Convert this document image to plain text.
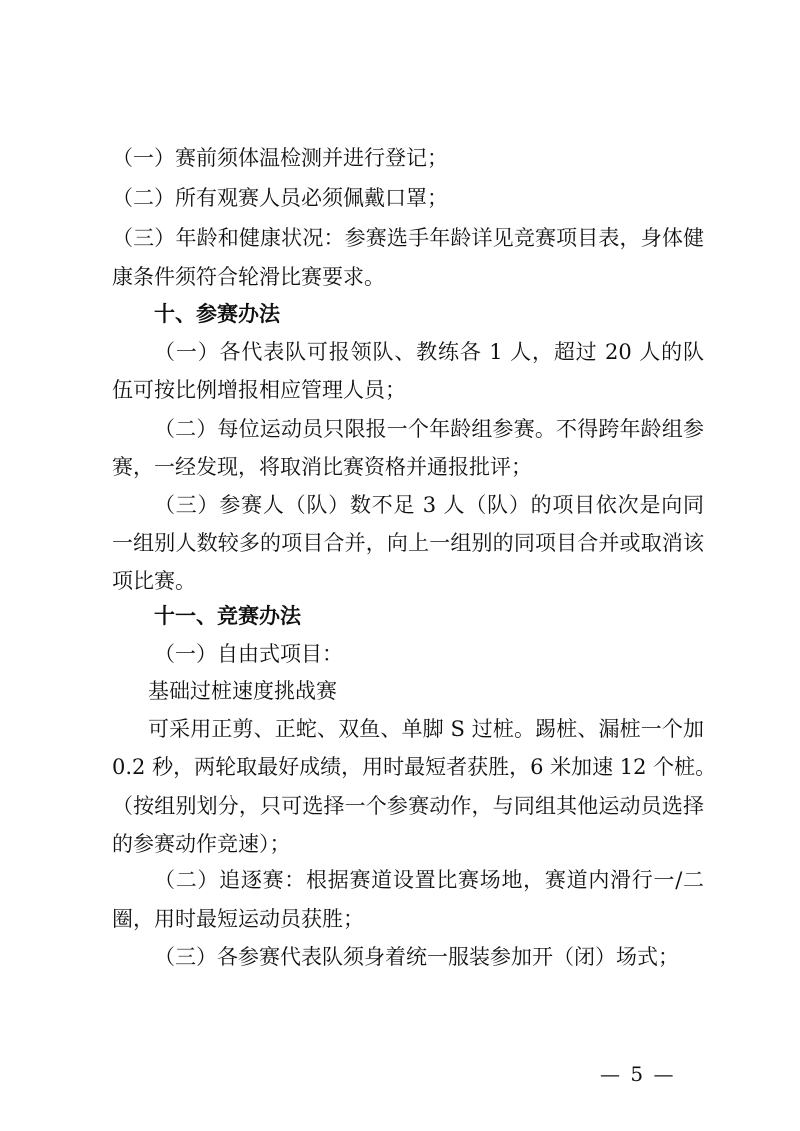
（一）赛前须体温检测并进行登记；
（二）所有观赛人员必须佩戴口罩；
（三）年龄和健康状况：参赛选手年龄详见竞赛项目表，身体健
康条件须符合轮滑比赛要求。
十、参赛办法
（一）各代表队可报领队、教练各 1 人，超过 20 人的队
伍可按比例增报相应管理人员；
（二）每位运动员只限报一个年龄组参赛。不得跨年龄组参
赛，一经发现，将取消比赛资格并通报批评；
（三）参赛人（队）数不足 3 人（队）的项目依次是向同
一组别人数较多的项目合并，向上一组别的同项目合并或取消该
项比赛。
十一、竞赛办法
（一）自由式项目：
基础过桩速度挑战赛
可采用正剪、正蛇、双鱼、单脚 S 过桩。踢桩、漏桩一个加
0.2 秒，两轮取最好成绩，用时最短者获胜，6 米加速 12 个桩。
（按组别划分，只可选择一个参赛动作，与同组其他运动员选择
的参赛动作竞速）；
（二）追逐赛：根据赛道设置比赛场地，赛道内滑行一/二
圈，用时最短运动员获胜；
（三）各参赛代表队须身着统一服装参加开（闭）场式；
— 5 —
